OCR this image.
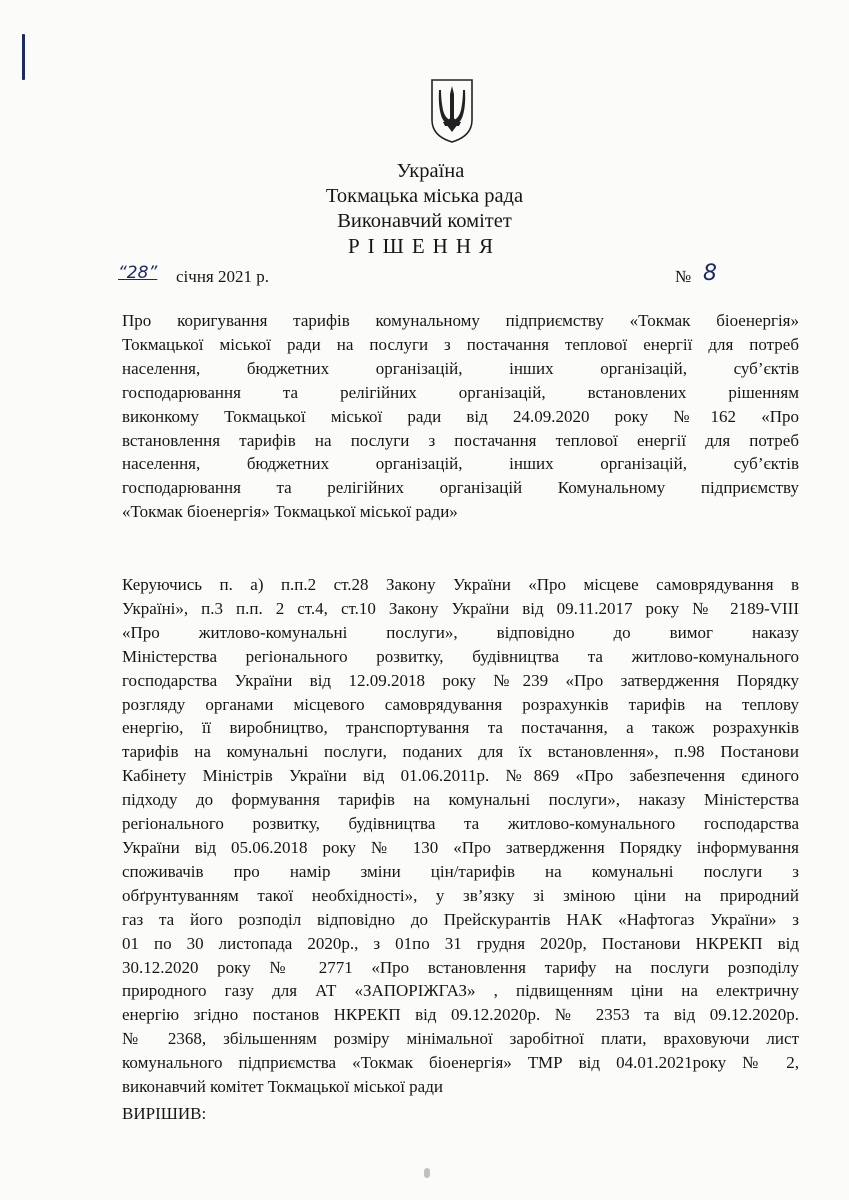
Україна
Токмацька міська рада
Виконавчий комітет
РІШЕННЯ
“28” січня 2021 р.	№ 8
Про коригування тарифів комунальному підприємству «Токмак біоенергія»
Токмацької міської ради на послуги з постачання теплової енергії для потреб
населення, бюджетних організацій, інших організацій, суб’єктів
господарювання та релігійних організацій, встановлених рішенням
виконкому Токмацької міської ради від 24.09.2020 року №162 «Про
встановлення тарифів на послуги з постачання теплової енергії для потреб
населення, бюджетних організацій, інших організацій, суб’єктів
господарювання та релігійних організацій Комунальному підприємству
«Токмак біоенергія» Токмацької міської ради»
Керуючись п. а) п.п.2 ст.28 Закону України «Про місцеве самоврядування в
Україні», п.3 п.п. 2 ст.4, ст.10 Закону України від 09.11.2017 року № 2189-VIII
«Про житлово-комунальні послуги», відповідно до вимог наказу
Міністерства регіонального розвитку, будівництва та житлово-комунального
господарства України від 12.09.2018 року №239 «Про затвердження Порядку
розгляду органами місцевого самоврядування розрахунків тарифів на теплову
енергію, її виробництво, транспортування та постачання, а також розрахунків
тарифів на комунальні послуги, поданих для їх встановлення», п.98 Постанови
Кабінету Міністрів України від 01.06.2011р. №869 «Про забезпечення єдиного
підходу до формування тарифів на комунальні послуги», наказу Міністерства
регіонального розвитку, будівництва та житлово-комунального господарства
України від 05.06.2018 року № 130 «Про затвердження Порядку інформування
споживачів про намір зміни цін/тарифів на комунальні послуги з
обґрунтуванням такої необхідності», у зв’язку зі зміною ціни на природний
газ та його розподіл відповідно до Прейскурантів НАК «Нафтогаз України» з
01 по 30 листопада 2020р., з 01по 31 грудня 2020р, Постанови НКРЕКП від
30.12.2020 року № 2771 «Про встановлення тарифу на послуги розподілу
природного газу для АТ «ЗАПОРІЖГАЗ» , підвищенням ціни на електричну
енергію згідно постанов НКРЕКП від 09.12.2020р. № 2353 та від 09.12.2020р.
№ 2368, збільшенням розміру мінімальної заробітної плати, враховуючи лист
комунального підприємства «Токмак біоенергія» ТМР від 04.01.2021року № 2,
виконавчий комітет Токмацької міської ради
ВИРІШИВ:
